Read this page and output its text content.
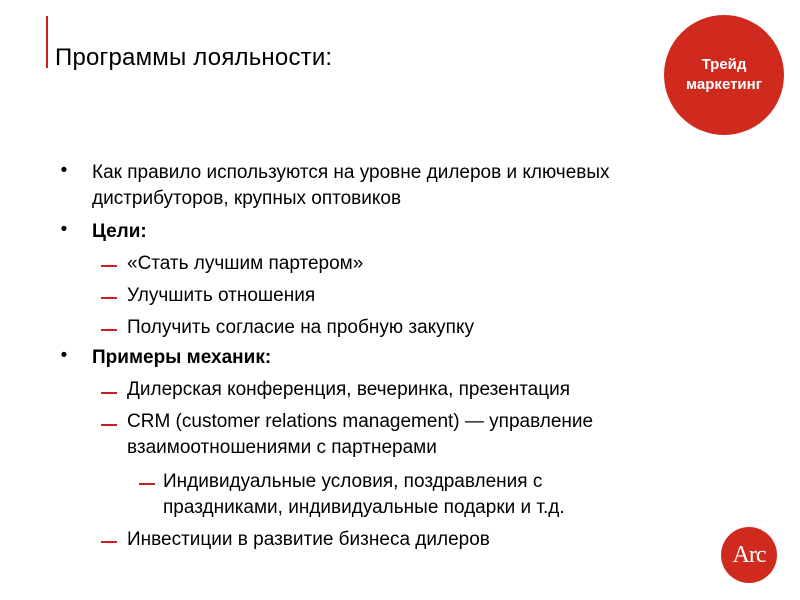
Программы лояльности:	Трейд маркетинг
• Как правило используются на уровне дилеров и ключевых дистрибуторов, крупных оптовиков
• Цели:
«Стать лучшим партером»
Улучшить отношения
Получить согласие на пробную закупку
• Примеры механик:
Дилерская конференция, вечеринка, презентация
CRM (customer relations management) — управление взаимоотношениями с партнерами
Индивидуальные условия, поздравления с праздниками, индивидуальные подарки и т.д.
Инвестиции в развитие бизнеса дилеров
Arc
